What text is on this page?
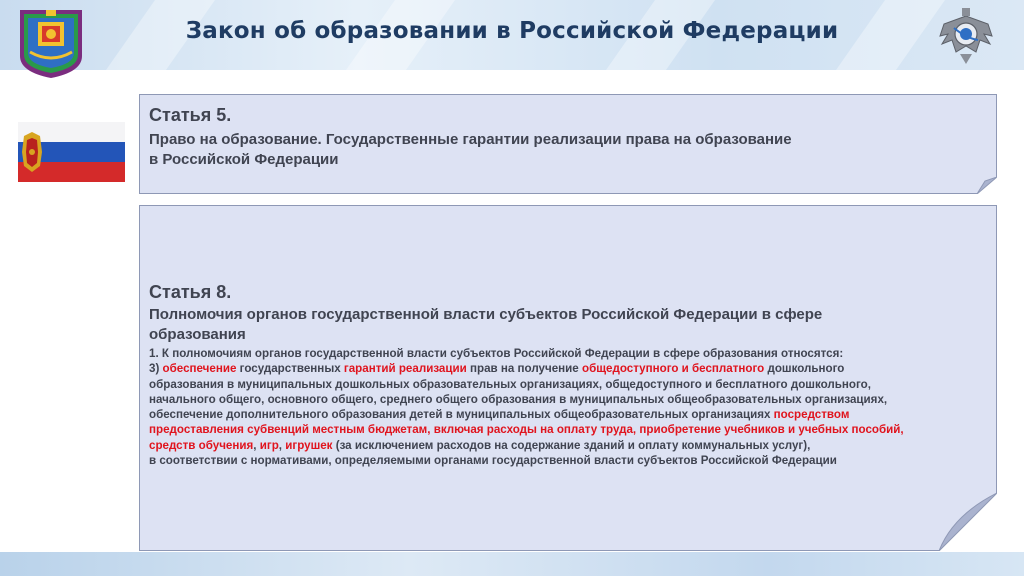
Закон об образовании в Российской Федерации
Статья 5.
Право на образование. Государственные гарантии реализации права на образование
в Российской Федерации
Статья 8.
Полномочия органов государственной власти субъектов Российской Федерации в сфере
образования
1. К полномочиям органов государственной власти субъектов Российской Федерации в сфере образования относятся:
3) обеспечение государственных гарантий реализации прав на получение общедоступного и бесплатного дошкольного
образования в муниципальных дошкольных образовательных организациях, общедоступного и бесплатного дошкольного,
начального общего, основного общего, среднего общего образования в муниципальных общеобразовательных организациях,
обеспечение дополнительного образования детей в муниципальных общеобразовательных организациях посредством
предоставления субвенций местным бюджетам, включая расходы на оплату труда, приобретение учебников и учебных пособий,
средств обучения, игр, игрушек (за исключением расходов на содержание зданий и оплату коммунальных услуг),
в соответствии с нормативами, определяемыми органами государственной власти субъектов Российской Федерации
